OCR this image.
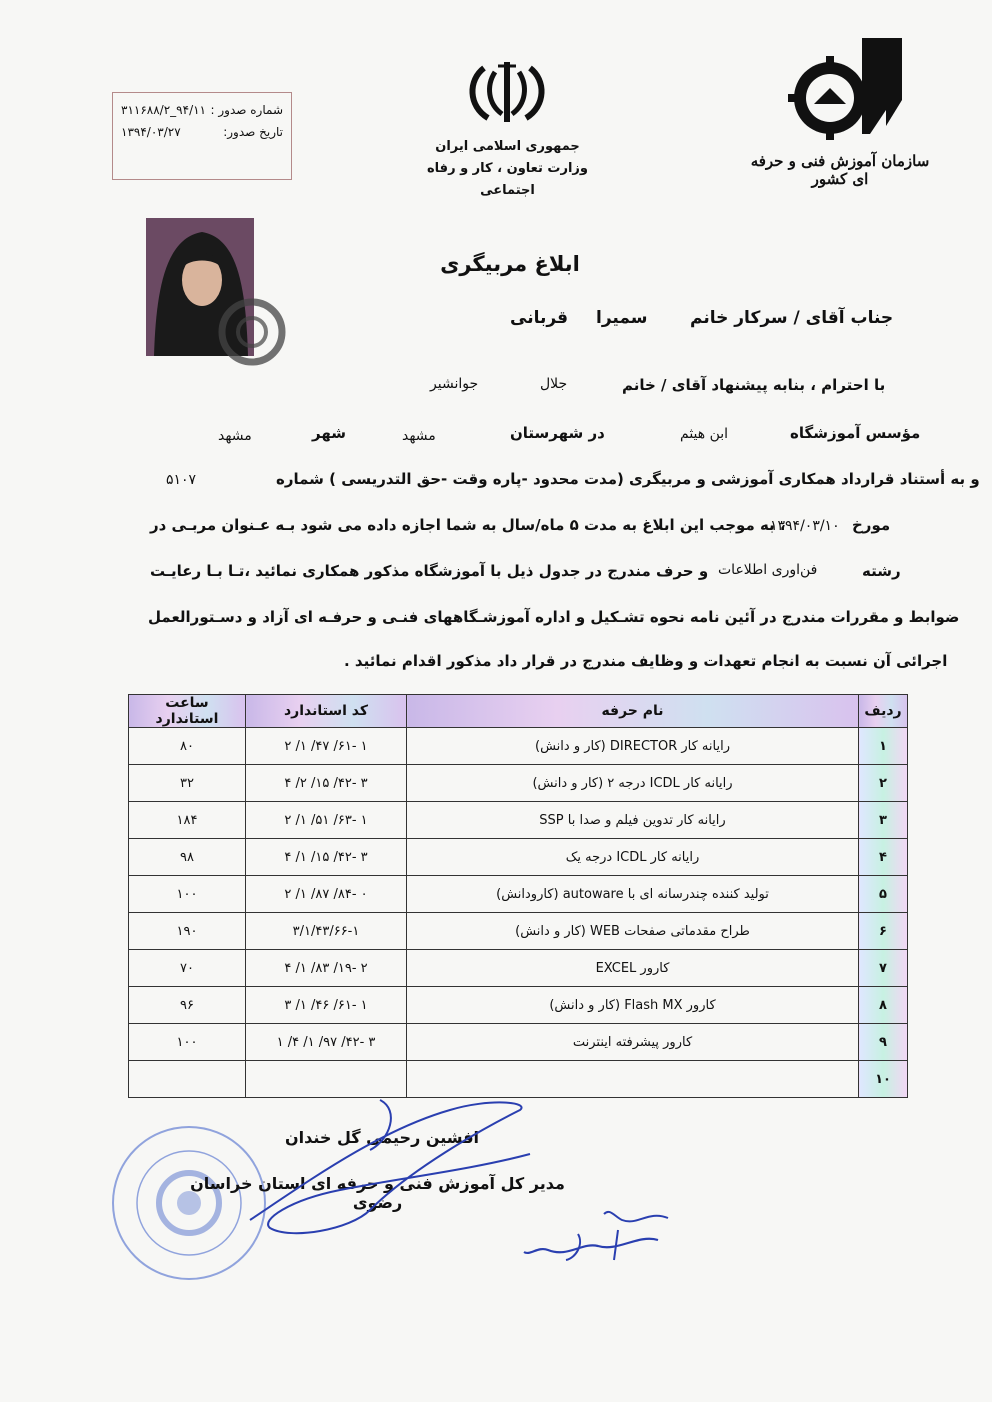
شماره صدور :
۹۴/۱۱_۳۱۱۶۸۸/۲
تاریخ صدور:
۱۳۹۴/۰۳/۲۷
جمهوری اسلامی ایران
وزارت تعاون ، کار و رفاه اجتماعی
سازمان آموزش فنی و حرفه ای کشور
ابلاغ مربیگری
جناب آقای / سرکار خانم
سمیرا
قربانی
با احترام ، بنابه پیشنهاد آقای / خانم
جلال
جوانشیر
مؤسس آموزشگاه
ابن هیثم
در شهرستان
مشهد
شهر
مشهد
و به أستناد قرارداد همکاری آموزشی و مربیگری (مدت محدود -پاره وقت -حق التدریسی ) شماره
۵۱۰۷
مورخ
۱۳۹۴/۰۳/۱۰
، به موجب این ابلاغ به مدت ۵ ماه/سال به شما اجازه داده می شود بـه عـنوان مربـی در
رشته
فن‌اوری اطلاعات
و حرف مندرج در جدول ذیل با آموزشگاه مذکور همکاری نمائید ،تـا بـا رعایـت
ضوابط و مقررات مندرج در آئین نامه نحوه تشـکیل و اداره آموزشـگاههای فنـی و حرفـه ای آزاد و دسـتورالعمل
اجرائی آن نسبت به انجام تعهدات و وظایف مندرج در قرار داد مذکور اقدام نمائید .
ردیف	نام حرفه	کد استاندارد	ساعت استاندارد
۱	رایانه کار DIRECTOR (کار و دانش)	۱ -۶۱/ ۴۷/ ۱/ ۲	۸۰
۲	رایانه کار ICDL درجه ۲ (کار و دانش)	۳ -۴۲/ ۱۵/ ۲/ ۴	۳۲
۳	رایانه کار تدوین فیلم و صدا با SSP	۱ -۶۳/ ۵۱/ ۱/ ۲	۱۸۴
۴	رایانه کار ICDL درجه یک	۳ -۴۲/ ۱۵/ ۱/ ۴	۹۸
۵	تولید کننده چندرسانه ای با autoware (کارودانش)	۰ -۸۴/ ۸۷/ ۱/ ۲	۱۰۰
۶	طراح مقدماتی صفحات WEB (کار و دانش)	۳/۱/۴۳/۶۶-۱	۱۹۰
۷	کارور EXCEL	۲ -۱۹/ ۸۳/ ۱/ ۴	۷۰
۸	کارور Flash MX (کار و دانش)	۱ -۶۱/ ۴۶/ ۱/ ۳	۹۶
۹	کارور پیشرفته اینترنت	۳ -۴۲/ ۹۷/ ۱/ ۴/ ۱	۱۰۰
۱۰			
افشین رحیمی گل خندان
مدیر کل آموزش فنی و حرفه ای استان خراسان رضوی
